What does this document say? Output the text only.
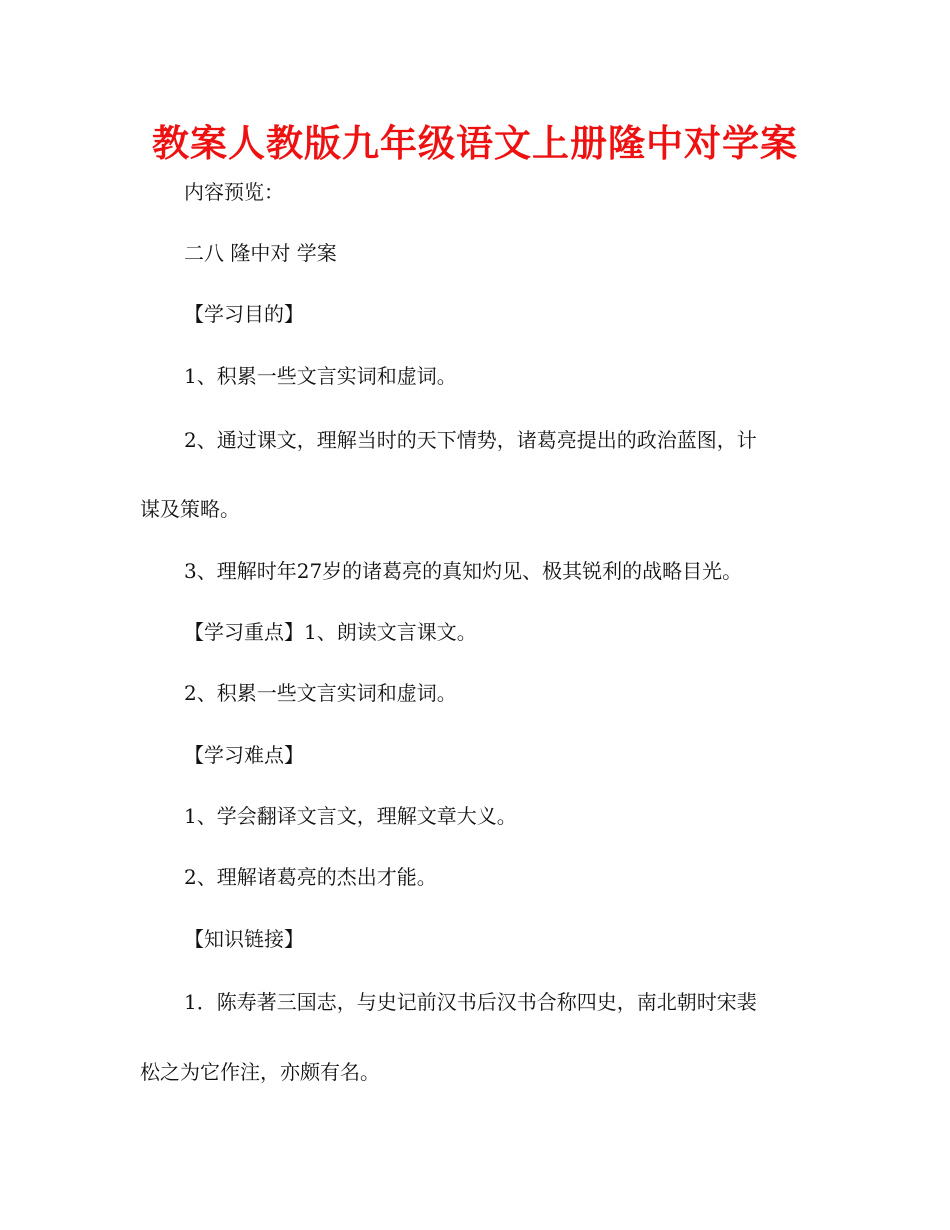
教案人教版九年级语文上册隆中对学案
内容预览：
二八 隆中对 学案
【学习目的】
1、积累一些文言实词和虚词。
2、通过课文，理解当时的天下情势，诸葛亮提出的政治蓝图，计
谋及策略。
3、理解时年27岁的诸葛亮的真知灼见、极其锐利的战略目光。
【学习重点】1、朗读文言课文。
2、积累一些文言实词和虚词。
【学习难点】
1、学会翻译文言文，理解文章大义。
2、理解诸葛亮的杰出才能。
【知识链接】
1．陈寿著三国志，与史记前汉书后汉书合称四史，南北朝时宋裴
松之为它作注，亦颇有名。
